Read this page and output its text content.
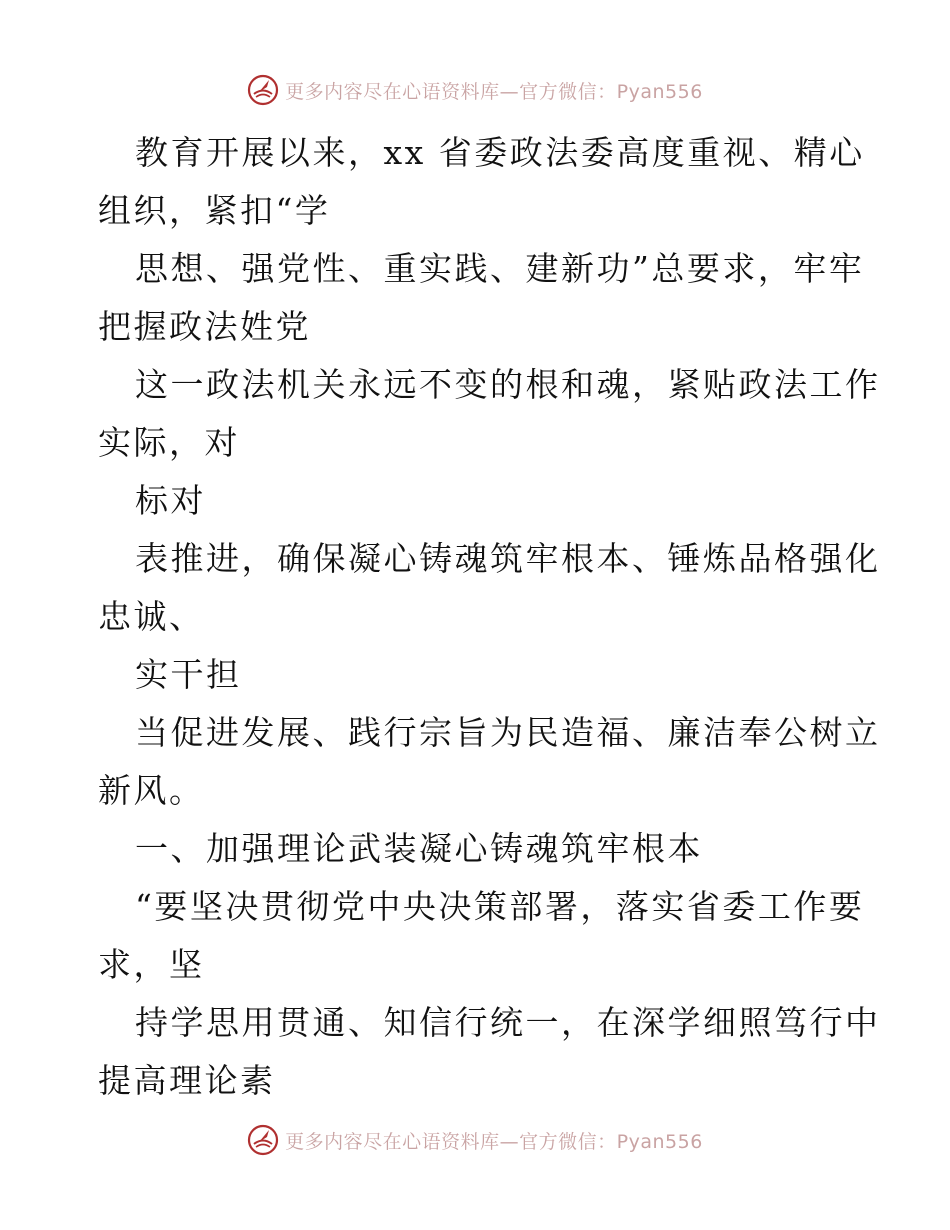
更多内容尽在心语资料库—官方微信：Pyan556
教育开展以来，xx 省委政法委高度重视、精心
组织，紧扣“学
思想、强党性、重实践、建新功”总要求，牢牢
把握政法姓党
这一政法机关永远不变的根和魂，紧贴政法工作
实际，对
标对
表推进，确保凝心铸魂筑牢根本、锤炼品格强化
忠诚、
实干担
当促进发展、践行宗旨为民造福、廉洁奉公树立
新风。
一、加强理论武装凝心铸魂筑牢根本
“要坚决贯彻党中央决策部署，落实省委工作要
求，坚
持学思用贯通、知信行统一，在深学细照笃行中
提高理论素
更多内容尽在心语资料库—官方微信：Pyan556
